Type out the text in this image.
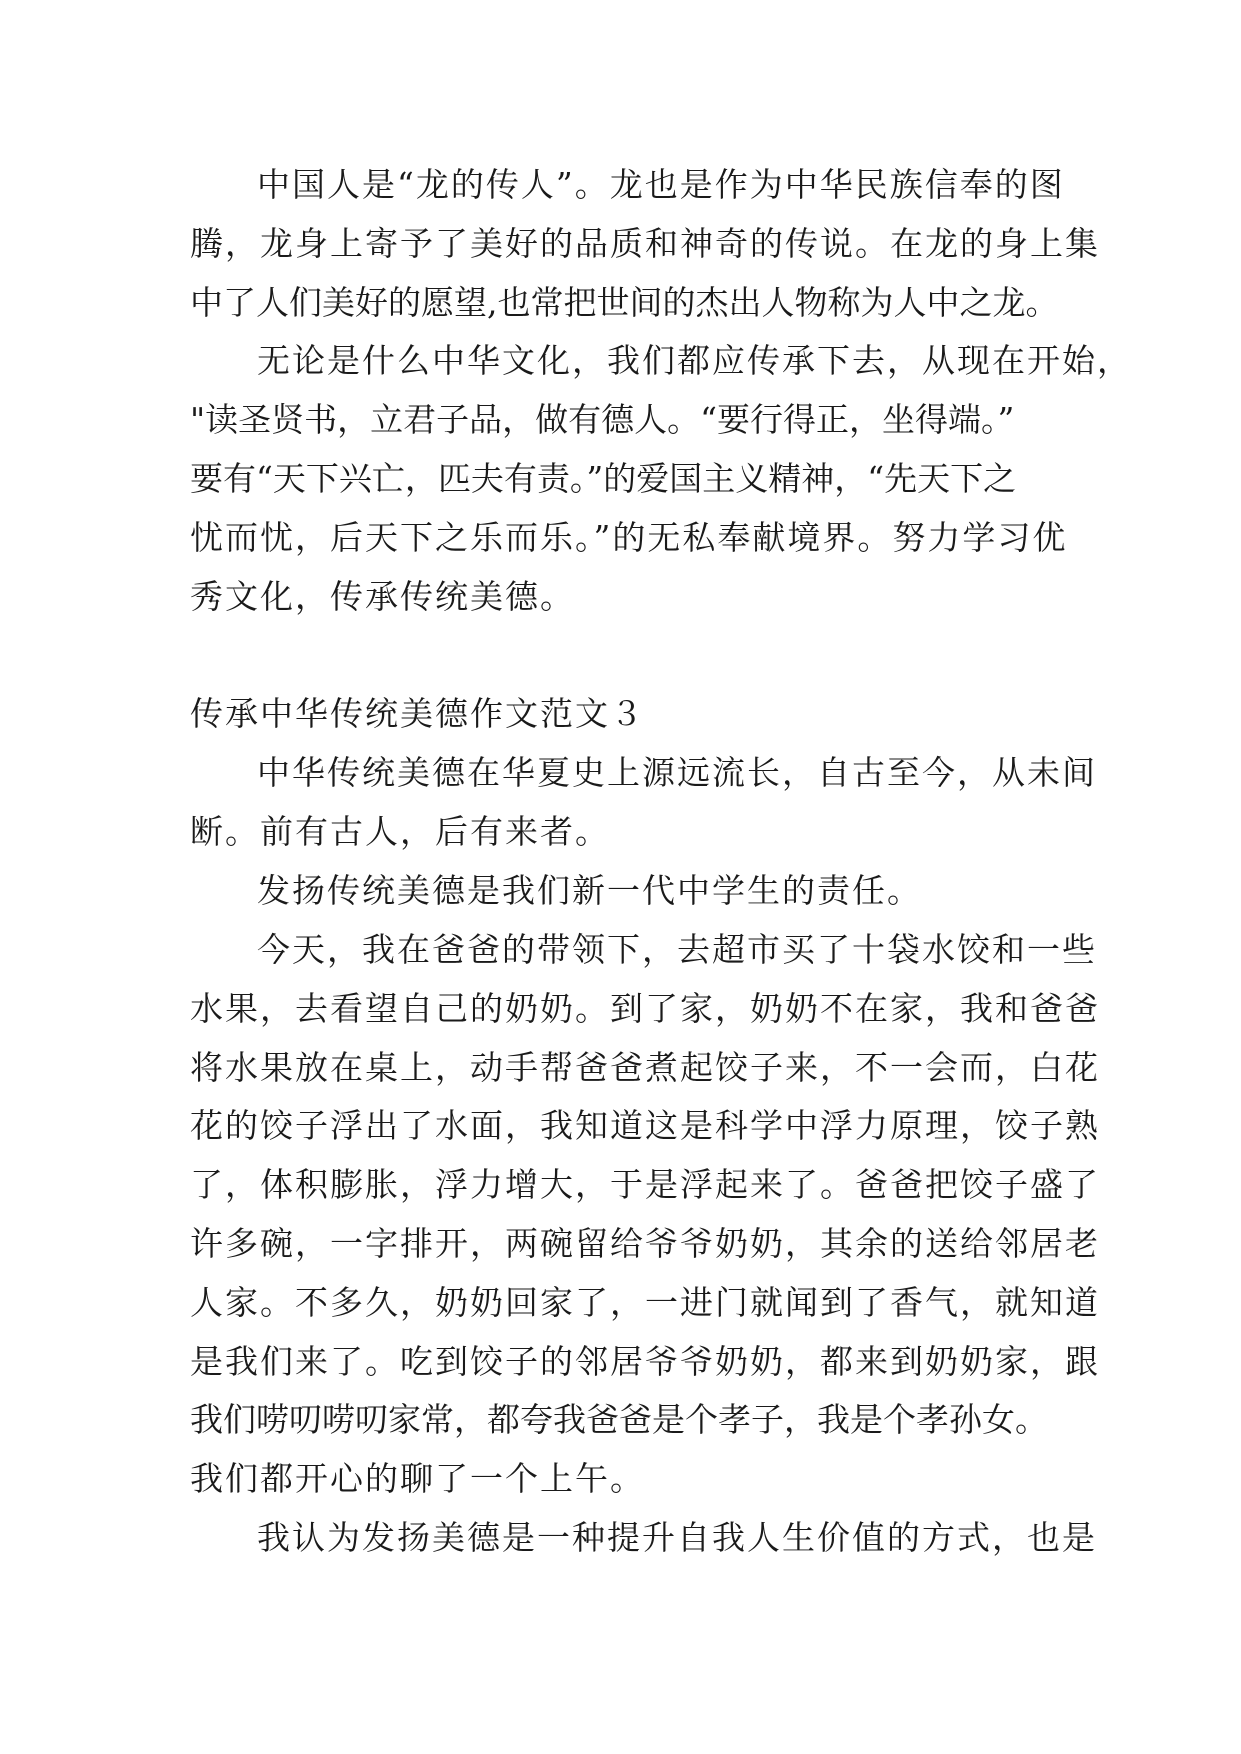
中国人是“龙的传人”。龙也是作为中华民族信奉的图
腾，龙身上寄予了美好的品质和神奇的传说。在龙的身上集
中了人们美好的愿望,也常把世间的杰出人物称为人中之龙。
无论是什么中华文化，我们都应传承下去，从现在开始，
"读圣贤书，立君子品，做有德人。“要行得正，坐得端。”
要有“天下兴亡，匹夫有责。”的爱国主义精神，“先天下之
忧而忧，后天下之乐而乐。”的无私奉献境界。努力学习优
秀文化，传承传统美德。
传承中华传统美德作文范文３
中华传统美德在华夏史上源远流长，自古至今，从未间
断。前有古人，后有来者。
发扬传统美德是我们新一代中学生的责任。
今天，我在爸爸的带领下，去超市买了十袋水饺和一些
水果，去看望自己的奶奶。到了家，奶奶不在家，我和爸爸
将水果放在桌上，动手帮爸爸煮起饺子来，不一会而，白花
花的饺子浮出了水面，我知道这是科学中浮力原理，饺子熟
了，体积膨胀，浮力增大，于是浮起来了。爸爸把饺子盛了
许多碗，一字排开，两碗留给爷爷奶奶，其余的送给邻居老
人家。不多久，奶奶回家了，一进门就闻到了香气，就知道
是我们来了。吃到饺子的邻居爷爷奶奶，都来到奶奶家，跟
我们唠叨唠叨家常，都夸我爸爸是个孝子，我是个孝孙女。
我们都开心的聊了一个上午。
我认为发扬美德是一种提升自我人生价值的方式，也是
